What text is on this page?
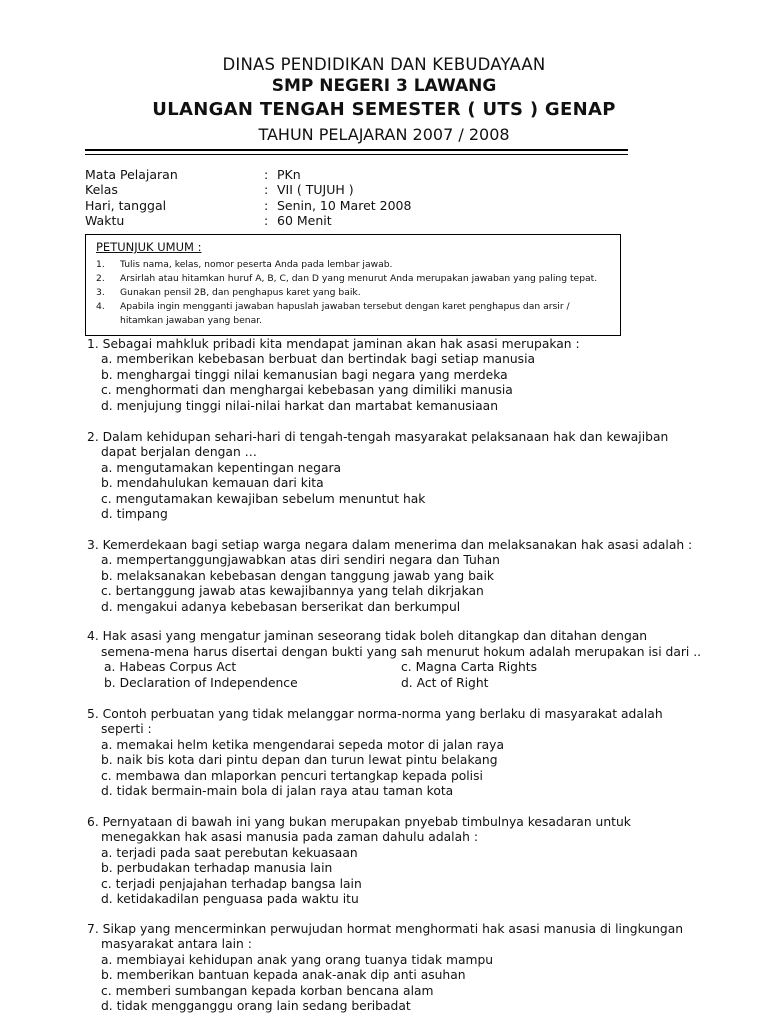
DINAS PENDIDIKAN DAN KEBUDAYAAN
SMP NEGERI 3 LAWANG
ULANGAN TENGAH SEMESTER ( UTS ) GENAP
TAHUN PELAJARAN 2007 / 2008
Mata Pelajaran	: PKn
Kelas	: VII ( TUJUH )
Hari, tanggal	: Senin, 10 Maret 2008
Waktu	: 60 Menit
PETUNJUK UMUM :
1. Tulis nama, kelas, nomor peserta Anda pada lembar jawab.
2. Arsirlah atau hitamkan huruf A, B, C, dan D yang menurut Anda merupakan jawaban yang paling tepat.
3. Gunakan pensil 2B, dan penghapus karet yang baik.
4. Apabila ingin mengganti jawaban hapuslah jawaban tersebut dengan karet penghapus dan arsir /
hitamkan jawaban yang benar.
1. Sebagai mahkluk pribadi kita mendapat jaminan akan hak asasi merupakan :
a. memberikan kebebasan berbuat dan bertindak bagi setiap manusia
b. menghargai tinggi nilai kemanusian bagi negara yang merdeka
c. menghormati dan menghargai kebebasan yang dimiliki manusia
d. menjujung tinggi nilai-nilai harkat dan martabat kemanusiaan
2. Dalam kehidupan sehari-hari di tengah-tengah masyarakat pelaksanaan hak dan kewajiban
dapat berjalan dengan …
a. mengutamakan kepentingan negara
b. mendahulukan kemauan dari kita
c. mengutamakan kewajiban sebelum menuntut hak
d. timpang
3. Kemerdekaan bagi setiap warga negara dalam menerima dan melaksanakan hak asasi adalah :
a. mempertanggungjawabkan atas diri sendiri negara dan Tuhan
b. melaksanakan kebebasan dengan tanggung jawab yang baik
c. bertanggung jawab atas kewajibannya yang telah dikrjakan
d. mengakui adanya kebebasan berserikat dan berkumpul
4. Hak asasi yang mengatur jaminan seseorang tidak boleh ditangkap dan ditahan dengan
semena-mena harus disertai dengan bukti yang sah menurut hokum adalah merupakan isi dari ..
a. Habeas Corpus Act	c. Magna Carta Rights
b. Declaration of Independence	d. Act of Right
5. Contoh perbuatan yang tidak melanggar norma-norma yang berlaku di masyarakat adalah
seperti :
a. memakai helm ketika mengendarai sepeda motor di jalan raya
b. naik bis kota dari pintu depan dan turun lewat pintu belakang
c. membawa dan mlaporkan pencuri tertangkap kepada polisi
d. tidak bermain-main bola di jalan raya atau taman kota
6. Pernyataan di bawah ini yang bukan merupakan pnyebab timbulnya kesadaran untuk
menegakkan hak asasi manusia pada zaman dahulu adalah :
a. terjadi pada saat perebutan kekuasaan
b. perbudakan terhadap manusia lain
c. terjadi penjajahan terhadap bangsa lain
d. ketidakadilan penguasa pada waktu itu
7. Sikap yang mencerminkan perwujudan hormat menghormati hak asasi manusia di lingkungan
masyarakat antara lain :
a. membiayai kehidupan anak yang orang tuanya tidak mampu
b. memberikan bantuan kepada anak-anak dip anti asuhan
c. memberi sumbangan kepada korban bencana alam
d. tidak mengganggu orang lain sedang beribadat
